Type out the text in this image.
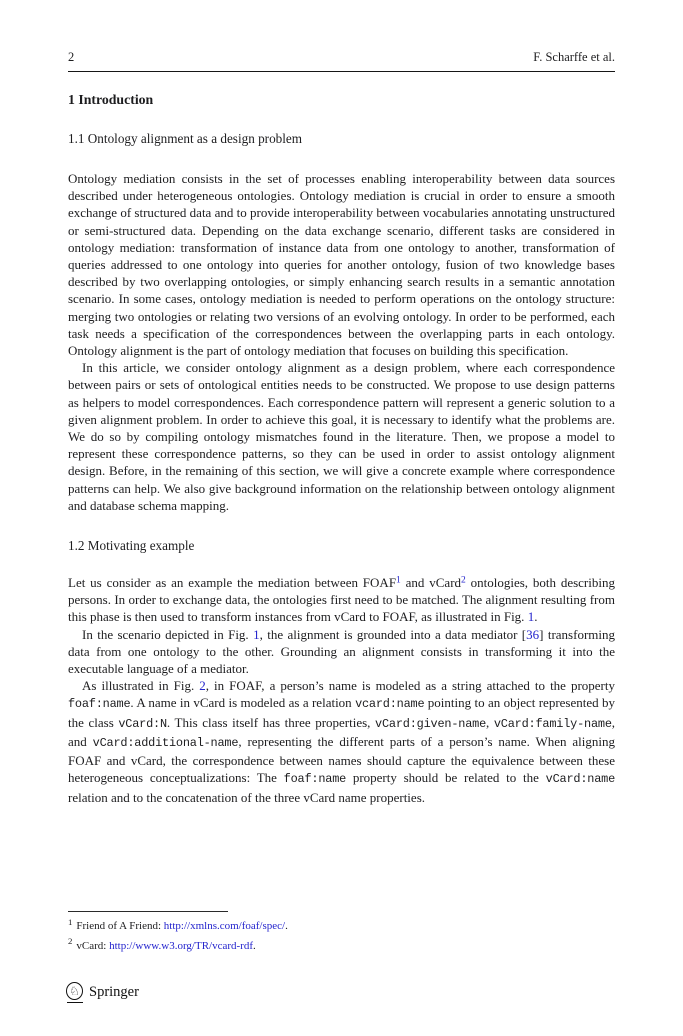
2	F. Scharffe et al.
1 Introduction
1.1 Ontology alignment as a design problem

Ontology mediation consists in the set of processes enabling interoperability between data sources described under heterogeneous ontologies. Ontology mediation is crucial in order to ensure a smooth exchange of structured data and to provide interoperability between vocabularies annotating unstructured or semi-structured data. Depending on the data exchange scenario, different tasks are considered in ontology mediation: transformation of instance data from one ontology to another, transformation of queries addressed to one ontology into queries for another ontology, fusion of two knowledge bases described by two overlapping ontologies, or simply enhancing search results in a semantic annotation scenario. In some cases, ontology mediation is needed to perform operations on the ontology structure: merging two ontologies or relating two versions of an evolving ontology. In order to be performed, each task needs a specification of the correspondences between the overlapping parts in each ontology. Ontology alignment is the part of ontology mediation that focuses on building this specification.

In this article, we consider ontology alignment as a design problem, where each correspondence between pairs or sets of ontological entities needs to be constructed. We propose to use design patterns as helpers to model correspondences. Each correspondence pattern will represent a generic solution to a given alignment problem. In order to achieve this goal, it is necessary to identify what the problems are. We do so by compiling ontology mismatches found in the literature. Then, we propose a model to represent these correspondence patterns, so they can be used in order to assist ontology alignment design. Before, in the remaining of this section, we will give a concrete example where correspondence patterns can help. We also give background information on the relationship between ontology alignment and database schema mapping.

1.2 Motivating example

Let us consider as an example the mediation between FOAF$^1$ and vCard$^2$ ontologies, both describing persons. In order to exchange data, the ontologies first need to be matched. The alignment resulting from this phase is then used to transform instances from vCard to FOAF, as illustrated in Fig. 1.

In the scenario depicted in Fig. 1, the alignment is grounded into a data mediator [36] transforming data from one ontology to the other. Grounding an alignment consists in transforming it into the executable language of a mediator.

As illustrated in Fig. 2, in FOAF, a person’s name is modeled as a string attached to the property foaf:name. A name in vCard is modeled as a relation vcard:name pointing to an object represented by the class vCard:N. This class itself has three properties, vCard:given-name, vCard:family-name, and vCard:additional-name, representing the different parts of a person’s name. When aligning FOAF and vCard, the correspondence between names should capture the equivalence between these heterogeneous conceptualizations: The foaf:name property should be related to the vCard:name relation and to the concatenation of the three vCard name properties.

$^1$ Friend of A Friend: http://xmlns.com/foaf/spec/.
$^2$ vCard: http://www.w3.org/TR/vcard-rdf.
♘ Springer
